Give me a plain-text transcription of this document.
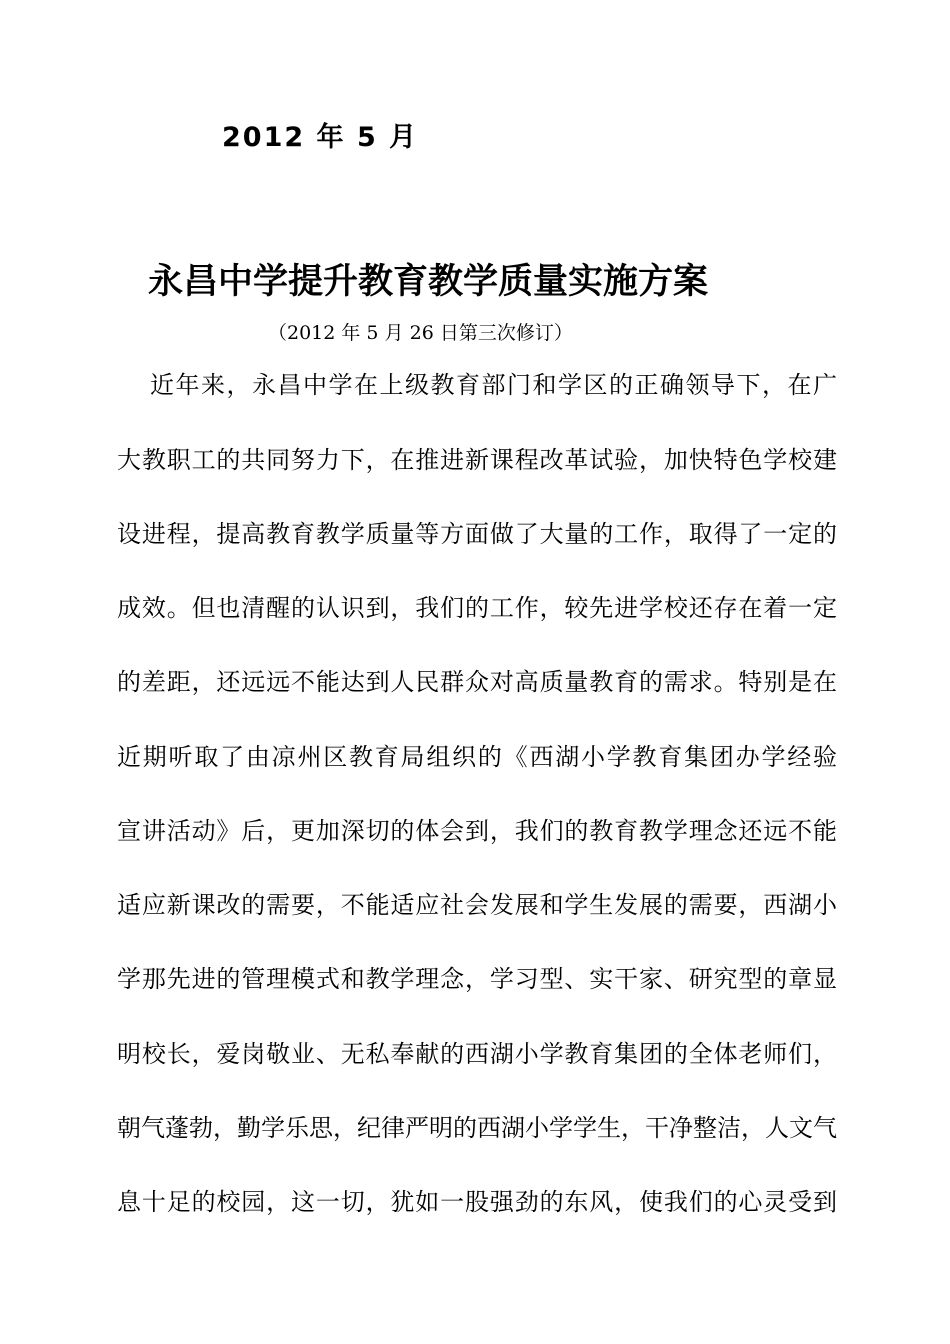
2012 年 5 月
永昌中学提升教育教学质量实施方案
（2012 年 5 月 26 日第三次修订）
近年来，永昌中学在上级教育部门和学区的正确领导下，在广
大教职工的共同努力下，在推进新课程改革试验，加快特色学校建
设进程，提高教育教学质量等方面做了大量的工作，取得了一定的
成效。但也清醒的认识到，我们的工作，较先进学校还存在着一定
的差距，还远远不能达到人民群众对高质量教育的需求。特别是在
近期听取了由凉州区教育局组织的《西湖小学教育集团办学经验
宣讲活动》后，更加深切的体会到，我们的教育教学理念还远不能
适应新课改的需要，不能适应社会发展和学生发展的需要，西湖小
学那先进的管理模式和教学理念，学习型、实干家、研究型的章显
明校长，爱岗敬业、无私奉献的西湖小学教育集团的全体老师们，
朝气蓬勃，勤学乐思，纪律严明的西湖小学学生，干净整洁，人文气
息十足的校园，这一切，犹如一股强劲的东风，使我们的心灵受到
